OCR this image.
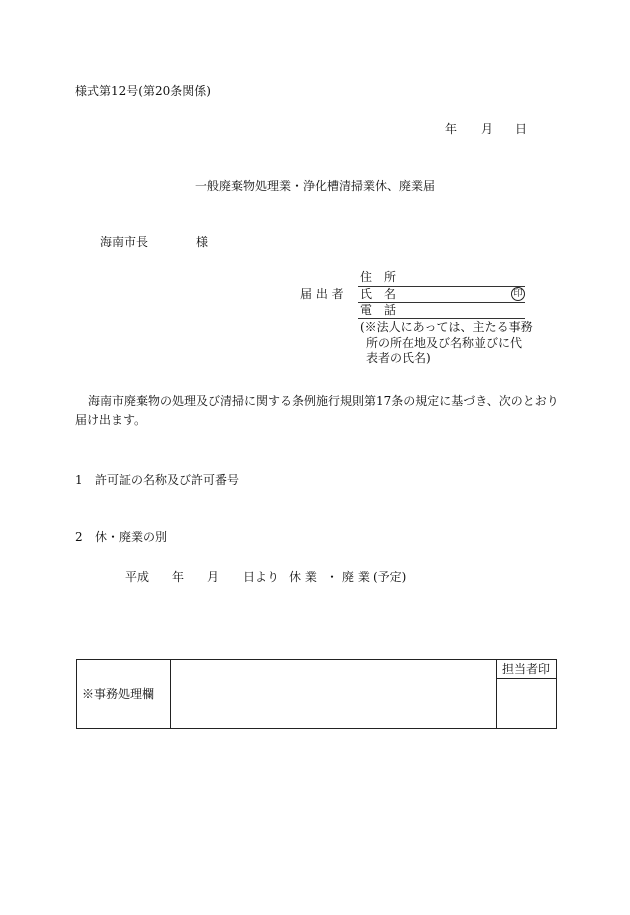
様式第12号(第20条関係)
年 月 日
一般廃棄物処理業・浄化槽清掃業休、廃業届
海南市長	様
届 出 者
住　所
氏　名	印
電　話
(※法人にあっては、主たる事務
所の所在地及び名称並びに代
表者の氏名)
海南市廃棄物の処理及び清掃に関する条例施行規則第17条の規定に基づき、次のとおり
届け出ます。
1 許可証の名称及び許可番号
2 休・廃業の別
平成 年 月 日より 休 業 ・ 廃 業 (予定)
※事務処理欄
担当者印
